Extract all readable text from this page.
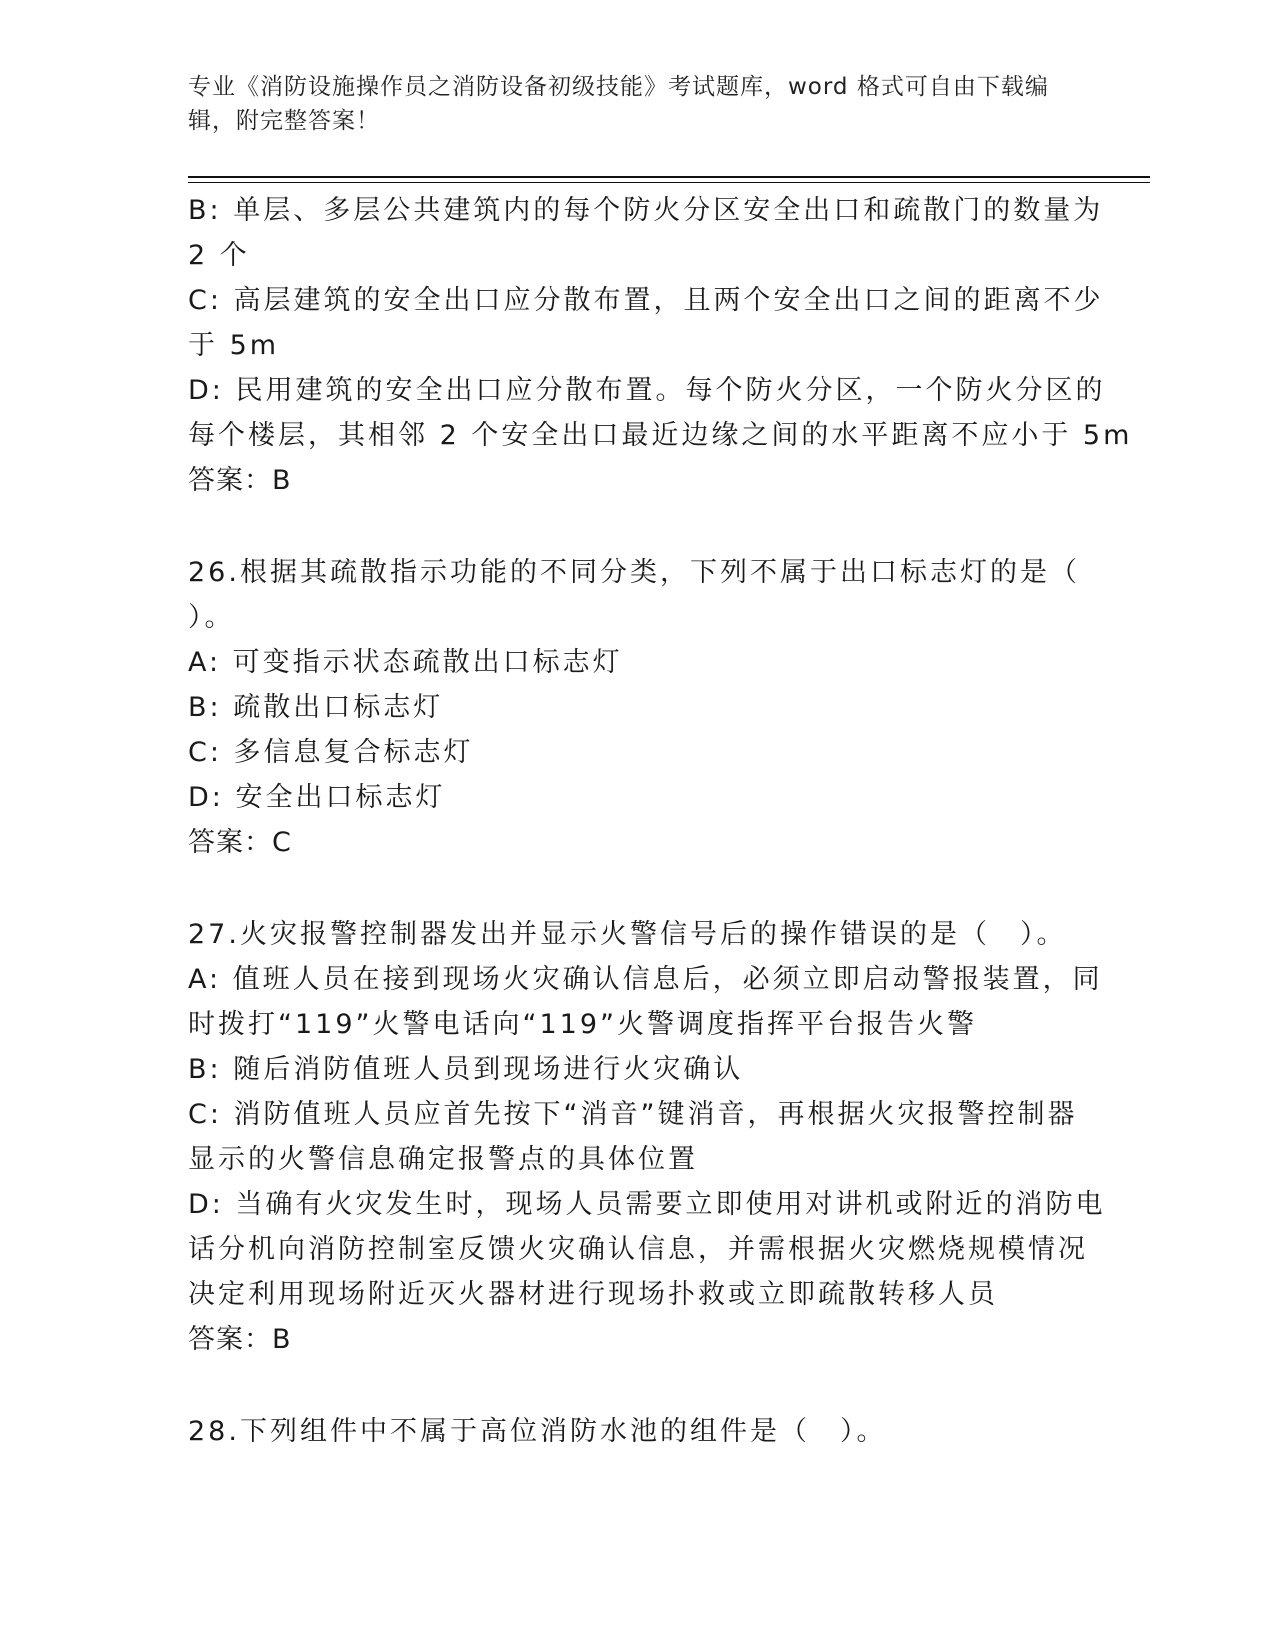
专业《消防设施操作员之消防设备初级技能》考试题库，word 格式可自由下载编
辑，附完整答案！
B: 单层、多层公共建筑内的每个防火分区安全出口和疏散门的数量为
2 个
C: 高层建筑的安全出口应分散布置，且两个安全出口之间的距离不少
于 5m
D: 民用建筑的安全出口应分散布置。每个防火分区，一个防火分区的
每个楼层，其相邻 2 个安全出口最近边缘之间的水平距离不应小于 5m
答案：B
26.根据其疏散指示功能的不同分类，下列不属于出口标志灯的是（
）。
A: 可变指示状态疏散出口标志灯
B: 疏散出口标志灯
C: 多信息复合标志灯
D: 安全出口标志灯
答案：C
27.火灾报警控制器发出并显示火警信号后的操作错误的是（　）。
A: 值班人员在接到现场火灾确认信息后，必须立即启动警报装置，同
时拨打“119”火警电话向“119”火警调度指挥平台报告火警
B: 随后消防值班人员到现场进行火灾确认
C: 消防值班人员应首先按下“消音”键消音，再根据火灾报警控制器
显示的火警信息确定报警点的具体位置
D: 当确有火灾发生时，现场人员需要立即使用对讲机或附近的消防电
话分机向消防控制室反馈火灾确认信息，并需根据火灾燃烧规模情况
决定利用现场附近灭火器材进行现场扑救或立即疏散转移人员
答案：B
28.下列组件中不属于高位消防水池的组件是（　）。
